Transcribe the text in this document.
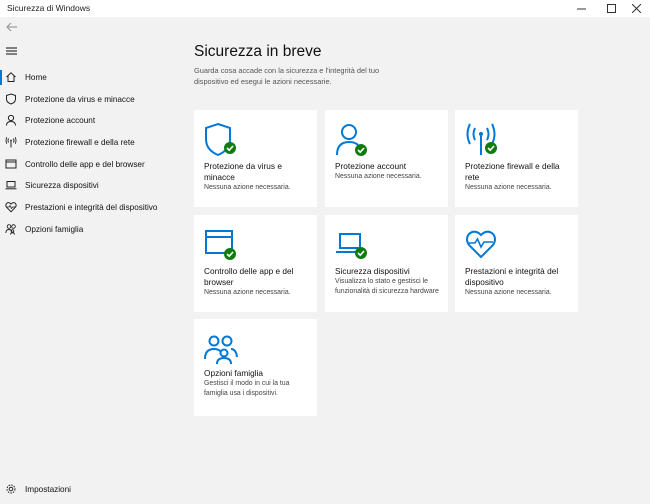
Sicurezza di Windows
Home
Protezione da virus e minacce
Protezione account
Protezione firewall e della rete
Controllo delle app e del browser
Sicurezza dispositivi
Prestazioni e integrità del dispositivo
Opzioni famiglia
Impostazioni
Sicurezza in breve

Guarda cosa accade con la sicurezza e l'integrità del tuo dispositivo ed esegui le azioni necessarie.

Protezione da virus e minacce
Nessuna azione necessaria.
Protezione account
Nessuna azione necessaria.
Protezione firewall e della rete
Nessuna azione necessaria.
Controllo delle app e del browser
Nessuna azione necessaria.
Sicurezza dispositivi
Visualizza lo stato e gestisci le funzionalità di sicurezza hardware
Prestazioni e integrità del dispositivo
Nessuna azione necessaria.
Opzioni famiglia
Gestisci il modo in cui la tua famiglia usa i dispositivi.
